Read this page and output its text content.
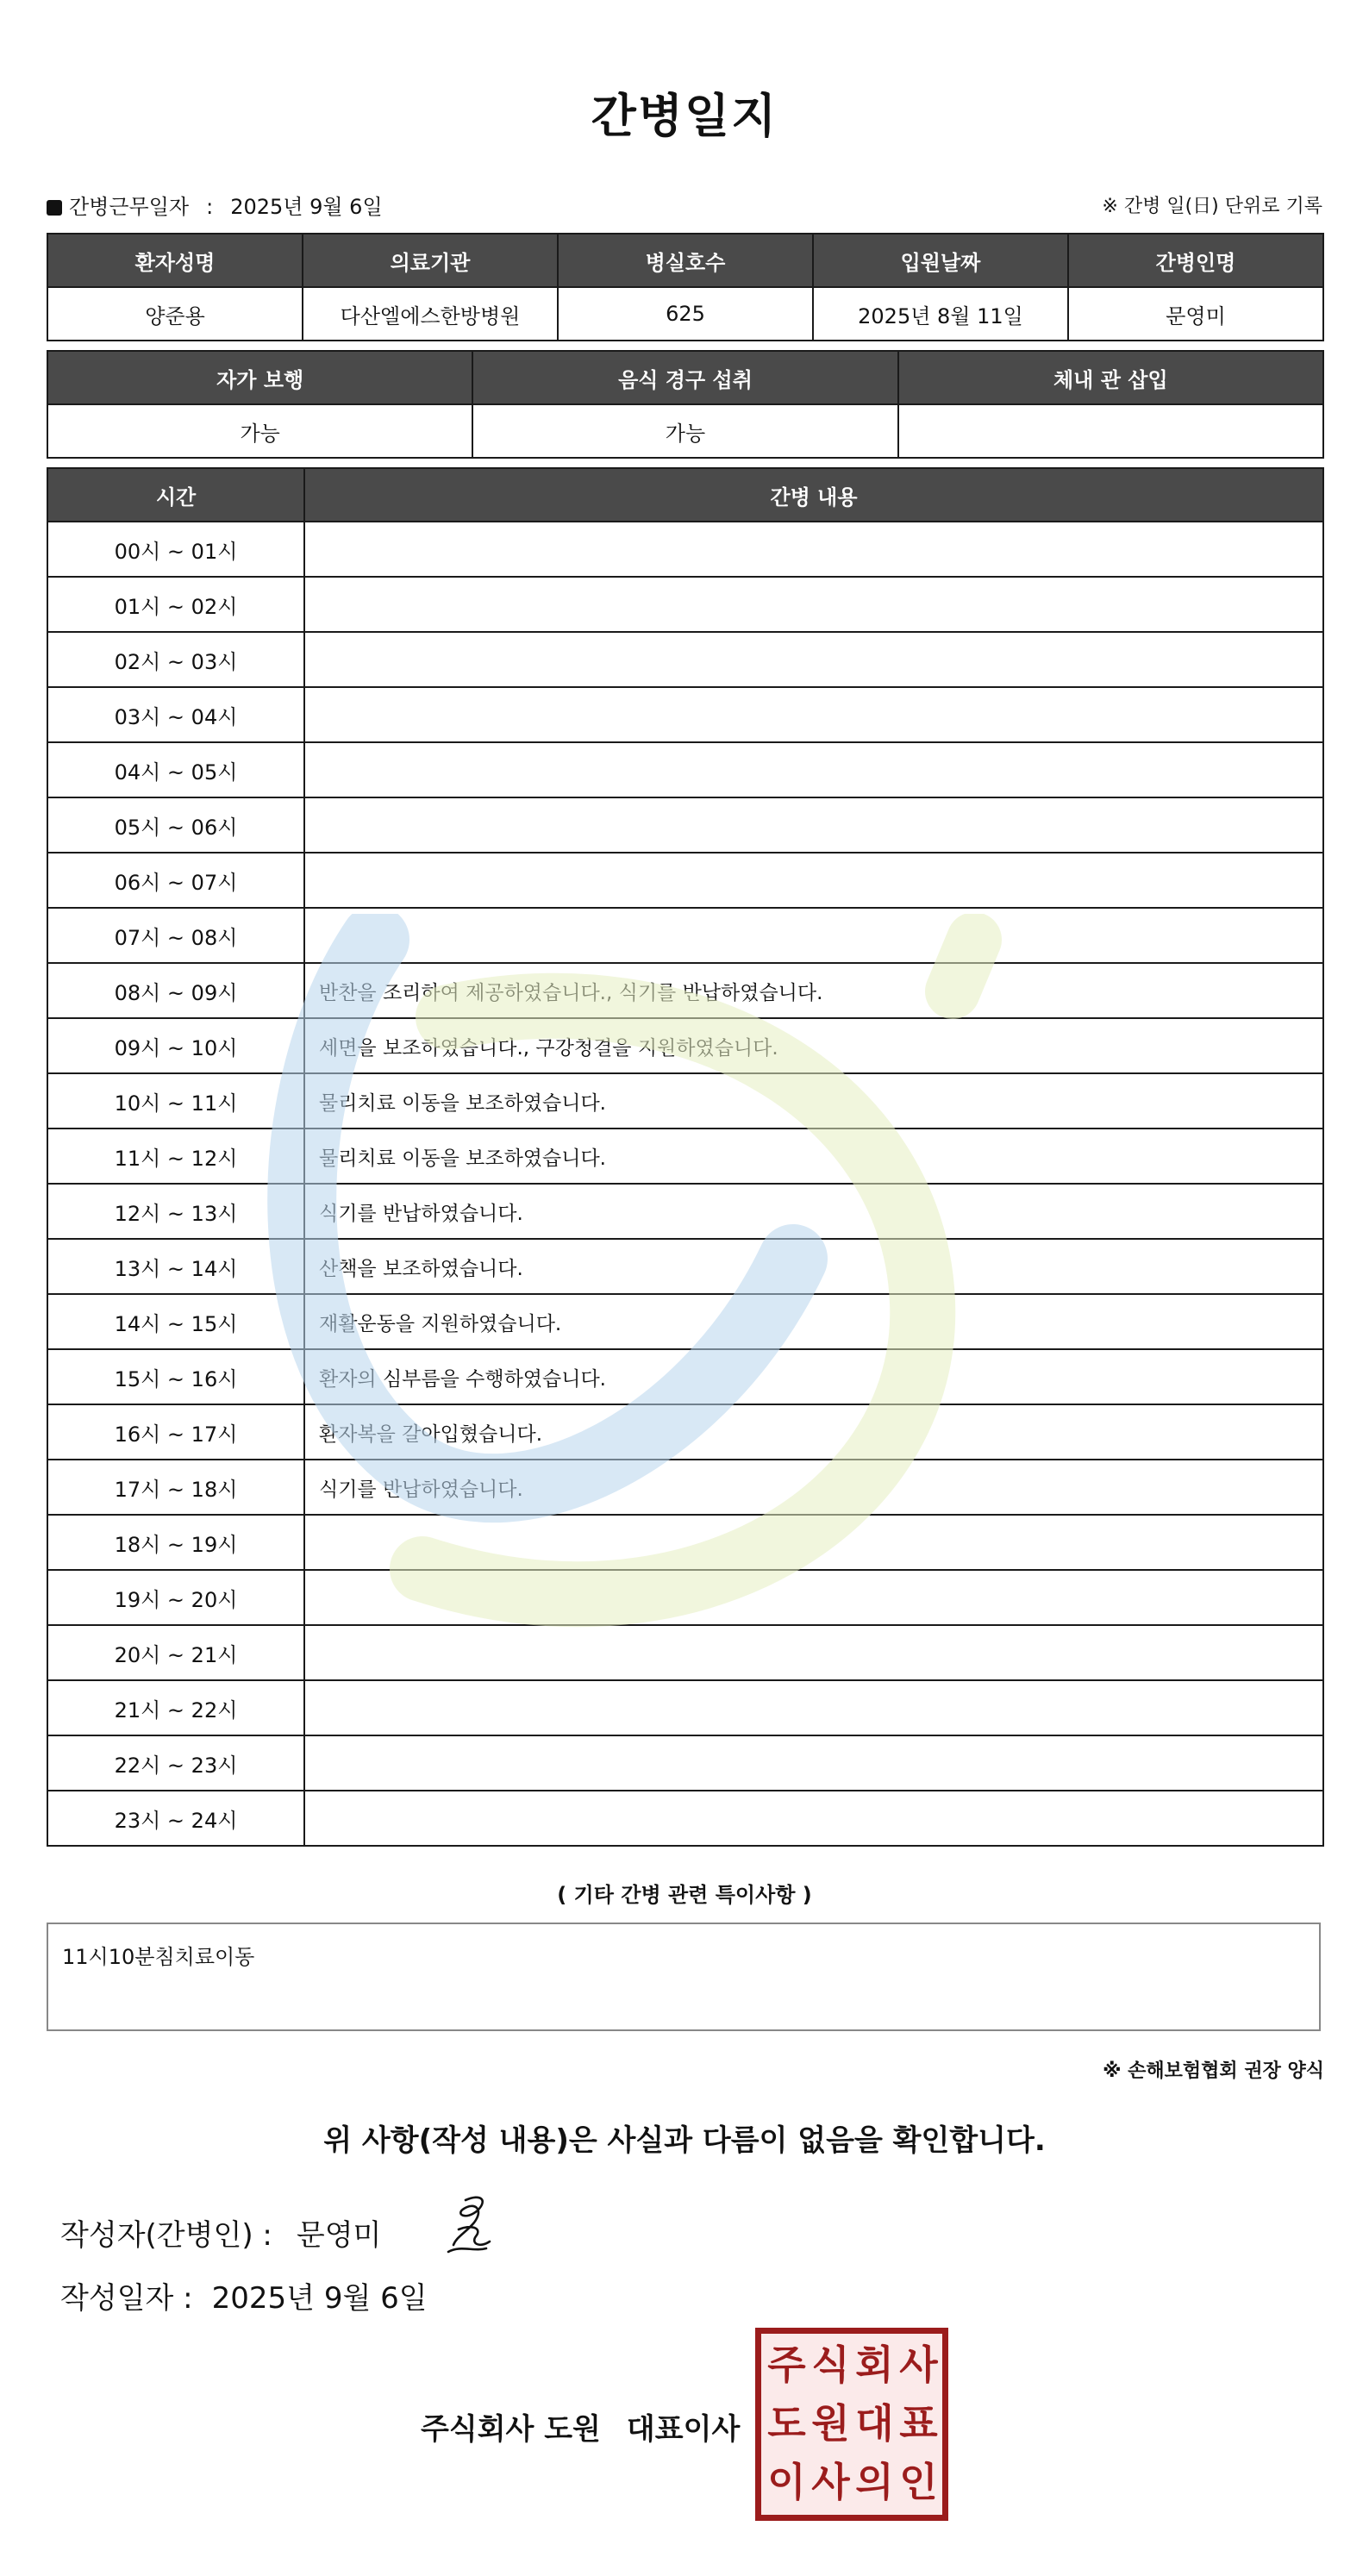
간병일지
간병근무일자 : 2025년 9월 6일	※ 간병 일(日) 단위로 기록
환자성명	의료기관	병실호수	입원날짜	간병인명
양준용	다산엘에스한방병원	625	2025년 8월 11일	문영미
자가 보행	음식 경구 섭취	체내 관 삽입
가능	가능	
시간	간병 내용
00시 ~ 01시	
01시 ~ 02시	
02시 ~ 03시	
03시 ~ 04시	
04시 ~ 05시	
05시 ~ 06시	
06시 ~ 07시	
07시 ~ 08시	
08시 ~ 09시	반찬을 조리하여 제공하였습니다., 식기를 반납하였습니다.
09시 ~ 10시	세면을 보조하였습니다., 구강청결을 지원하였습니다.
10시 ~ 11시	물리치료 이동을 보조하였습니다.
11시 ~ 12시	물리치료 이동을 보조하였습니다.
12시 ~ 13시	식기를 반납하였습니다.
13시 ~ 14시	산책을 보조하였습니다.
14시 ~ 15시	재활운동을 지원하였습니다.
15시 ~ 16시	환자의 심부름을 수행하였습니다.
16시 ~ 17시	환자복을 갈아입혔습니다.
17시 ~ 18시	식기를 반납하였습니다.
18시 ~ 19시	
19시 ~ 20시	
20시 ~ 21시	
21시 ~ 22시	
22시 ~ 23시	
23시 ~ 24시	
( 기타 간병 관련 특이사항 )
11시10분침치료이동
※ 손해보험협회 권장 양식
위 사항(작성 내용)은 사실과 다름이 없음을 확인합니다.
작성자(간병인) : 문영미
작성일자 : 2025년 9월 6일
주식회사 도원 대표이사
주 식 회 사
도 원 대 표
이 사 의 인
